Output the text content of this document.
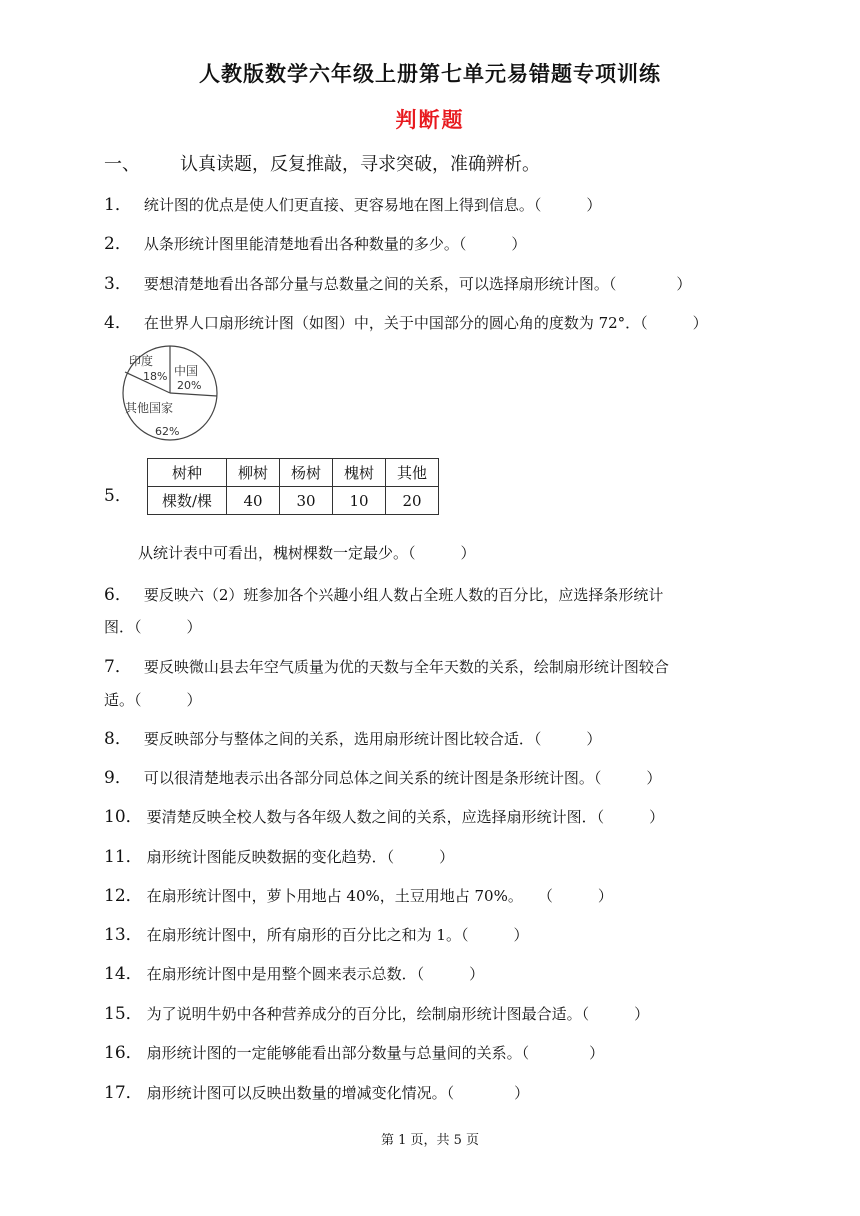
人教版数学六年级上册第七单元易错题专项训练
判断题
一、 认真读题，反复推敲，寻求突破，准确辨析。
1． 统计图的优点是使人们更直接、更容易地在图上得到信息。（　　　）
2． 从条形统计图里能清楚地看出各种数量的多少。（　　　）
3． 要想清楚地看出各部分量与总数量之间的关系，可以选择扇形统计图。（　　　　）
4． 在世界人口扇形统计图（如图）中，关于中国部分的圆心角的度数为 72°．（　　　）
印度
18% 中国
20%
其他国家
62%
5．
树种	柳树	杨树	槐树	其他
棵数/棵	40	30	10	20
从统计表中可看出，槐树棵数一定最少。（　　　）
6． 要反映六（2）班参加各个兴趣小组人数占全班人数的百分比，应选择条形统计
图．（　　　）
7． 要反映微山县去年空气质量为优的天数与全年天数的关系，绘制扇形统计图较合
适。（　　　）
8． 要反映部分与整体之间的关系，选用扇形统计图比较合适．（　　　）
9． 可以很清楚地表示出各部分同总体之间关系的统计图是条形统计图。（　　　）
10． 要清楚反映全校人数与各年级人数之间的关系，应选择扇形统计图．（　　　）
11． 扇形统计图能反映数据的变化趋势．（　　　）
12． 在扇形统计图中，萝卜用地占 40%，土豆用地占 70%。　　（　　　）
13． 在扇形统计图中，所有扇形的百分比之和为 1。（　　　）
14． 在扇形统计图中是用整个圆来表示总数．（　　　）
15． 为了说明牛奶中各种营养成分的百分比，绘制扇形统计图最合适。（　　　）
16． 扇形统计图的一定能够能看出部分数量与总量间的关系。（　　　　）
17． 扇形统计图可以反映出数量的增减变化情况。（　　　　）
第 1 页，共 5 页
